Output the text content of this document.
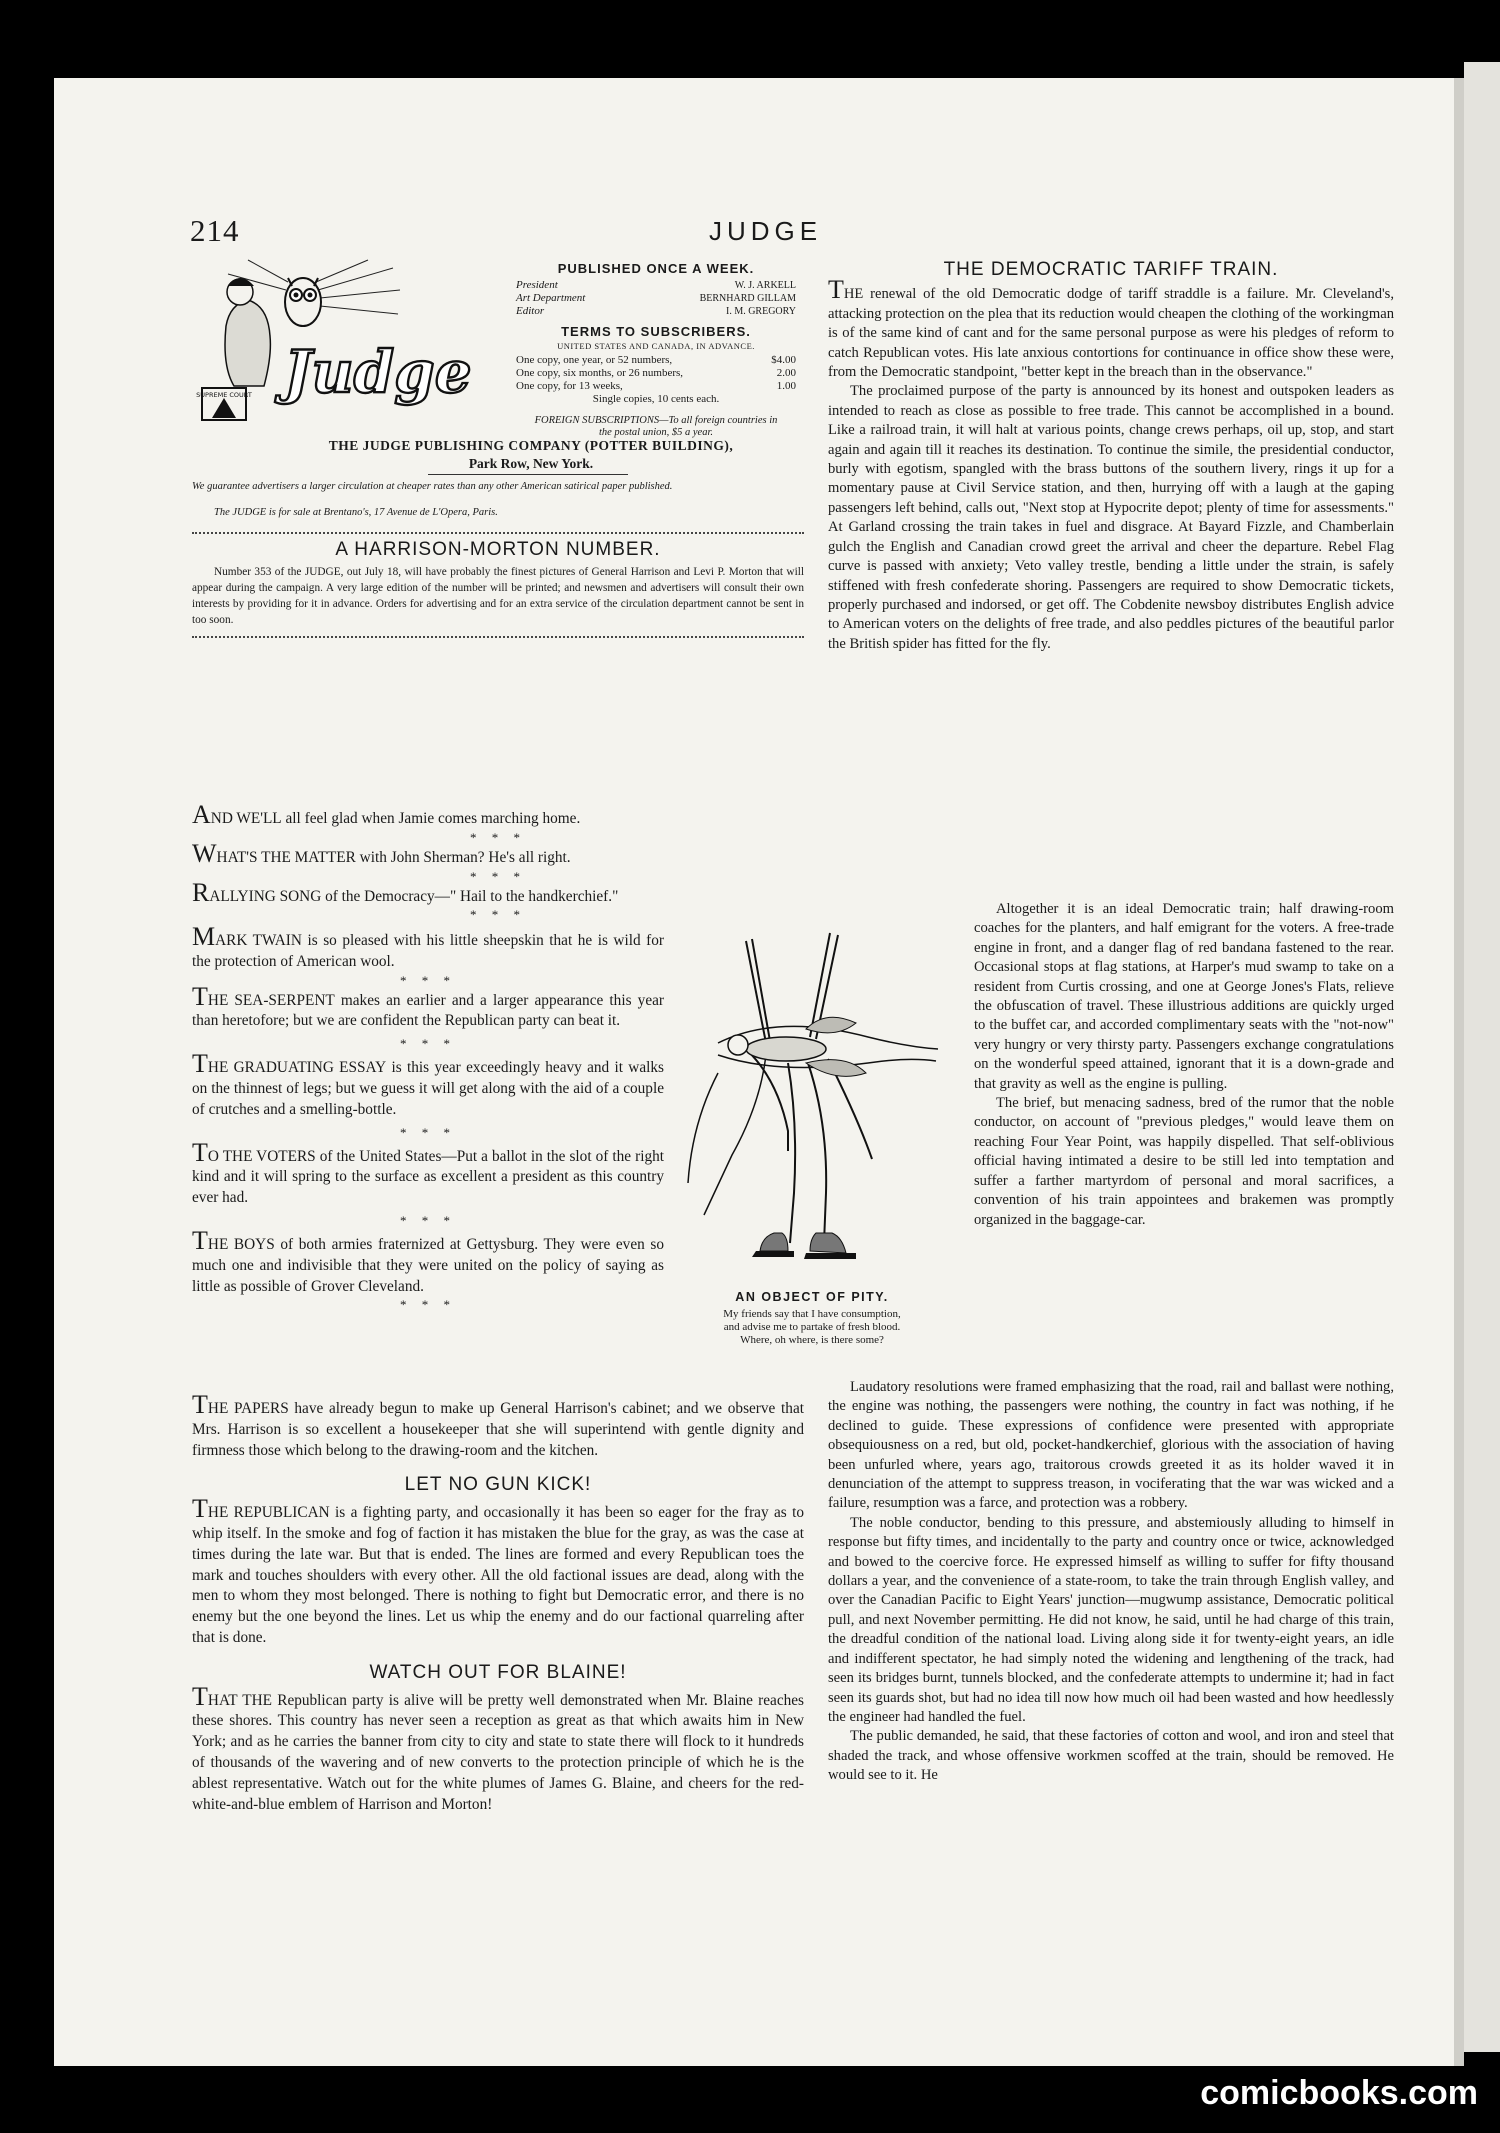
214	JUDGE
SUPREME COURT Judge
PUBLISHED ONCE A WEEK.
President	W. J. ARKELL
Art Department	BERNHARD GILLAM
Editor	I. M. GREGORY
TERMS TO SUBSCRIBERS.
UNITED STATES AND CANADA, IN ADVANCE.
One copy, one year, or 52 numbers,	$4.00
One copy, six months, or 26 numbers,	2.00
One copy, for 13 weeks,	1.00
Single copies, 10 cents each.
FOREIGN SUBSCRIPTIONS—To all foreign countries in the postal union, $5 a year.
THE JUDGE PUBLISHING COMPANY (POTTER BUILDING),
Park Row, New York.
We guarantee advertisers a larger circulation at cheaper rates than any other American satirical paper published.
The JUDGE is for sale at Brentano's, 17 Avenue de L'Opera, Paris.
A HARRISON-MORTON NUMBER.
Number 353 of the JUDGE, out July 18, will have probably the finest pictures of General Harrison and Levi P. Morton that will appear during the campaign. A very large edition of the number will be printed; and newsmen and advertisers will consult their own interests by providing for it in advance. Orders for advertising and for an extra service of the circulation department cannot be sent in too soon.
AND WE'LL all feel glad when Jamie comes marching home.
* * *
WHAT'S THE MATTER with John Sherman? He's all right.
* * *
RALLYING SONG of the Democracy—" Hail to the handkerchief."
* * *
MARK TWAIN is so pleased with his little sheepskin that he is wild for the protection of American wool.
* * *
THE SEA-SERPENT makes an earlier and a larger appearance this year than heretofore; but we are confident the Republican party can beat it.
* * *
THE GRADUATING ESSAY is this year exceedingly heavy and it walks on the thinnest of legs; but we guess it will get along with the aid of a couple of crutches and a smelling-bottle.
* * *
TO THE VOTERS of the United States—Put a ballot in the slot of the right kind and it will spring to the surface as excellent a president as this country ever had.
* * *
THE BOYS of both armies fraternized at Gettysburg. They were even so much one and indivisible that they were united on the policy of saying as little as possible of Grover Cleveland.
* * *
AN OBJECT OF PITY.
My friends say that I have consumption,
and advise me to partake of fresh blood.
Where, oh where, is there some?
THE PAPERS have already begun to make up General Harrison's cabinet; and we observe that Mrs. Harrison is so excellent a housekeeper that she will superintend with gentle dignity and firmness those which belong to the drawing-room and the kitchen.
LET NO GUN KICK!
THE REPUBLICAN is a fighting party, and occasionally it has been so eager for the fray as to whip itself. In the smoke and fog of faction it has mistaken the blue for the gray, as was the case at times during the late war. But that is ended. The lines are formed and every Republican toes the mark and touches shoulders with every other. All the old factional issues are dead, along with the men to whom they most belonged. There is nothing to fight but Democratic error, and there is no enemy but the one beyond the lines. Let us whip the enemy and do our factional quarreling after that is done.
WATCH OUT FOR BLAINE!
THAT THE Republican party is alive will be pretty well demonstrated when Mr. Blaine reaches these shores. This country has never seen a reception as great as that which awaits him in New York; and as he carries the banner from city to city and state to state there will flock to it hundreds of thousands of the wavering and of new converts to the protection principle of which he is the ablest representative. Watch out for the white plumes of James G. Blaine, and cheers for the red-white-and-blue emblem of Harrison and Morton!
THE DEMOCRATIC TARIFF TRAIN.
THE renewal of the old Democratic dodge of tariff straddle is a failure. Mr. Cleveland's, attacking protection on the plea that its reduction would cheapen the clothing of the workingman is of the same kind of cant and for the same personal purpose as were his pledges of reform to catch Republican votes. His late anxious contortions for continuance in office show these were, from the Democratic standpoint, "better kept in the breach than in the observance."

The proclaimed purpose of the party is announced by its honest and outspoken leaders as intended to reach as close as possible to free trade. This cannot be accomplished in a bound. Like a railroad train, it will halt at various points, change crews perhaps, oil up, stop, and start again and again till it reaches its destination. To continue the simile, the presidential conductor, burly with egotism, spangled with the brass buttons of the southern livery, rings it up for a momentary pause at Civil Service station, and then, hurrying off with a laugh at the gaping passengers left behind, calls out, "Next stop at Hypocrite depot; plenty of time for assessments." At Garland crossing the train takes in fuel and disgrace. At Bayard Fizzle, and Chamberlain gulch the English and Canadian crowd greet the arrival and cheer the departure. Rebel Flag curve is passed with anxiety; Veto valley trestle, bending a little under the strain, is safely stiffened with fresh confederate shoring. Passengers are required to show Democratic tickets, properly purchased and indorsed, or get off. The Cobdenite newsboy distributes English advice to American voters on the delights of free trade, and also peddles pictures of the beautiful parlor the British spider has fitted for the fly.

Altogether it is an ideal Democratic train; half drawing-room coaches for the planters, and half emigrant for the voters. A free-trade engine in front, and a danger flag of red bandana fastened to the rear. Occasional stops at flag stations, at Harper's mud swamp to take on a resident from Curtis crossing, and one at George Jones's Flats, relieve the obfuscation of travel. These illustrious additions are quickly urged to the buffet car, and accorded complimentary seats with the "not-now" very hungry or very thirsty party. Passengers exchange congratulations on the wonderful speed attained, ignorant that it is a down-grade and that gravity as well as the engine is pulling.

The brief, but menacing sadness, bred of the rumor that the noble conductor, on account of "previous pledges," would leave them on reaching Four Year Point, was happily dispelled. That self-oblivious official having intimated a desire to be still led into temptation and suffer a farther martyrdom of personal and moral sacrifices, a convention of his train appointees and brakemen was promptly organized in the baggage-car.

Laudatory resolutions were framed emphasizing that the road, rail and ballast were nothing, the engine was nothing, the passengers were nothing, the country in fact was nothing, if he declined to guide. These expressions of confidence were presented with appropriate obsequiousness on a red, but old, pocket-handkerchief, glorious with the association of having been unfurled where, years ago, traitorous crowds greeted it as its holder waved it in denunciation of the attempt to suppress treason, in vociferating that the war was wicked and a failure, resumption was a farce, and protection was a robbery.

The noble conductor, bending to this pressure, and abstemiously alluding to himself in response but fifty times, and incidentally to the party and country once or twice, acknowledged and bowed to the coercive force. He expressed himself as willing to suffer for fifty thousand dollars a year, and the convenience of a state-room, to take the train through English valley, and over the Canadian Pacific to Eight Years' junction—mugwump assistance, Democratic political pull, and next November permitting. He did not know, he said, until he had charge of this train, the dreadful condition of the national load. Living along side it for twenty-eight years, an idle and indifferent spectator, he had simply noted the widening and lengthening of the track, had seen its bridges burnt, tunnels blocked, and the confederate attempts to undermine it; had in fact seen its guards shot, but had no idea till now how much oil had been wasted and how heedlessly the engineer had handled the fuel.

The public demanded, he said, that these factories of cotton and wool, and iron and steel that shaded the track, and whose offensive workmen scoffed at the train, should be removed. He would see to it. He

comicbooks.com
